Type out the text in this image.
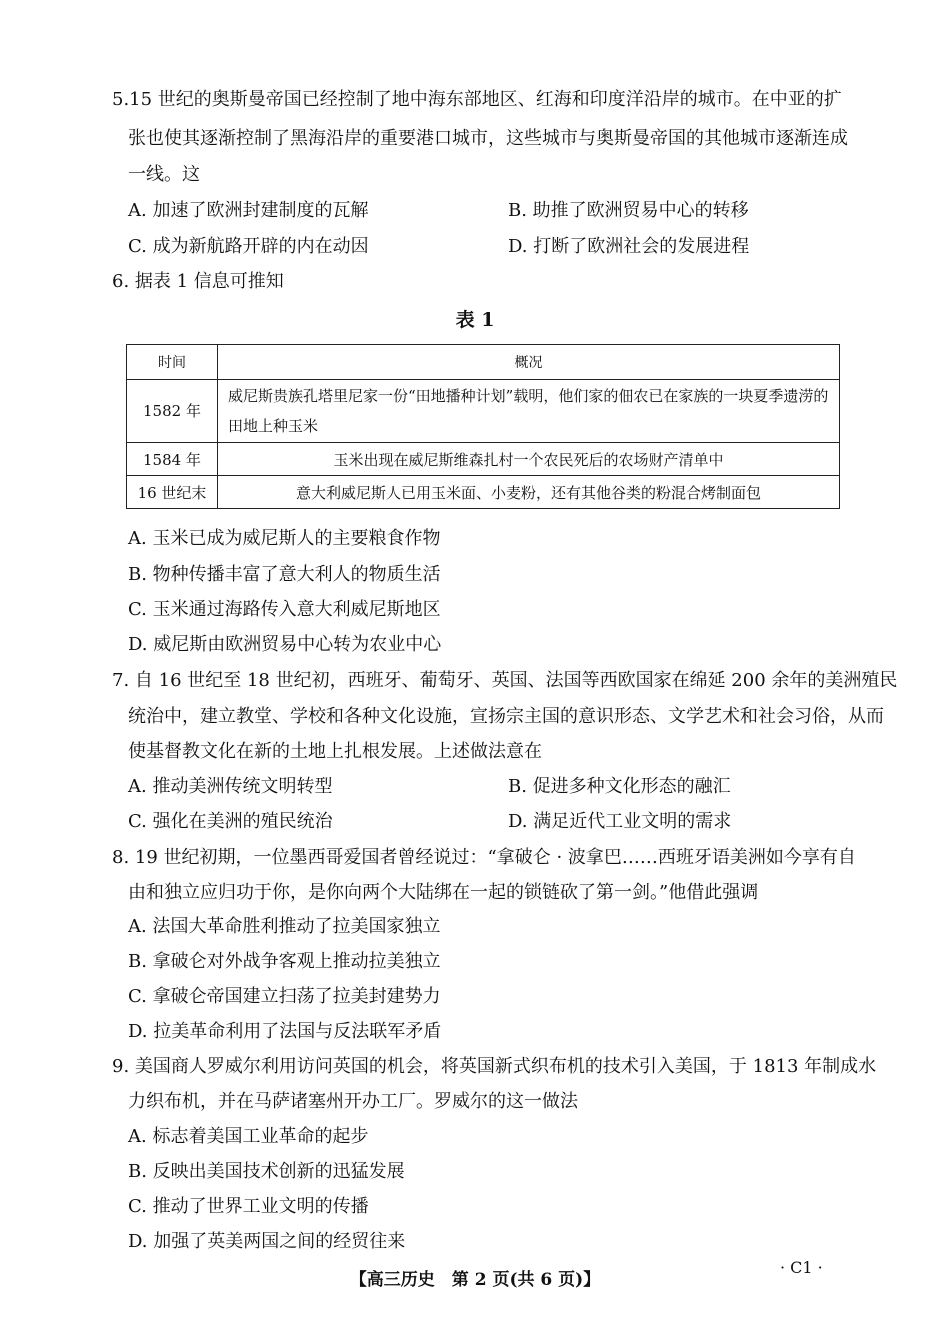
5.15 世纪的奥斯曼帝国已经控制了地中海东部地区、红海和印度洋沿岸的城市。在中亚的扩
张也使其逐渐控制了黑海沿岸的重要港口城市，这些城市与奥斯曼帝国的其他城市逐渐连成
一线。这
A. 加速了欧洲封建制度的瓦解	B. 助推了欧洲贸易中心的转移
C. 成为新航路开辟的内在动因	D. 打断了欧洲社会的发展进程
6. 据表 1 信息可推知
表 1
时间	概况
1582 年	威尼斯贵族孔塔里尼家一份“田地播种计划”载明，他们家的佃农已在家族的一块夏季遗涝的田地上种玉米
1584 年	玉米出现在威尼斯维森扎村一个农民死后的农场财产清单中
16 世纪末	意大利威尼斯人已用玉米面、小麦粉，还有其他谷类的粉混合烤制面包
A. 玉米已成为威尼斯人的主要粮食作物
B. 物种传播丰富了意大利人的物质生活
C. 玉米通过海路传入意大利威尼斯地区
D. 威尼斯由欧洲贸易中心转为农业中心
7. 自 16 世纪至 18 世纪初，西班牙、葡萄牙、英国、法国等西欧国家在绵延 200 余年的美洲殖民
统治中，建立教堂、学校和各种文化设施，宣扬宗主国的意识形态、文学艺术和社会习俗，从而
使基督教文化在新的土地上扎根发展。上述做法意在
A. 推动美洲传统文明转型	B. 促进多种文化形态的融汇
C. 强化在美洲的殖民统治	D. 满足近代工业文明的需求
8. 19 世纪初期，一位墨西哥爱国者曾经说过：“拿破仑 · 波拿巴……西班牙语美洲如今享有自
由和独立应归功于你，是你向两个大陆绑在一起的锁链砍了第一剑。”他借此强调
A. 法国大革命胜利推动了拉美国家独立
B. 拿破仑对外战争客观上推动拉美独立
C. 拿破仑帝国建立扫荡了拉美封建势力
D. 拉美革命利用了法国与反法联军矛盾
9. 美国商人罗威尔利用访问英国的机会，将英国新式织布机的技术引入美国，于 1813 年制成水
力织布机，并在马萨诸塞州开办工厂。罗威尔的这一做法
A. 标志着美国工业革命的起步
B. 反映出美国技术创新的迅猛发展
C. 推动了世界工业文明的传播
D. 加强了英美两国之间的经贸往来
· C1 ·
【高三历史　第 2 页(共 6 页)】
